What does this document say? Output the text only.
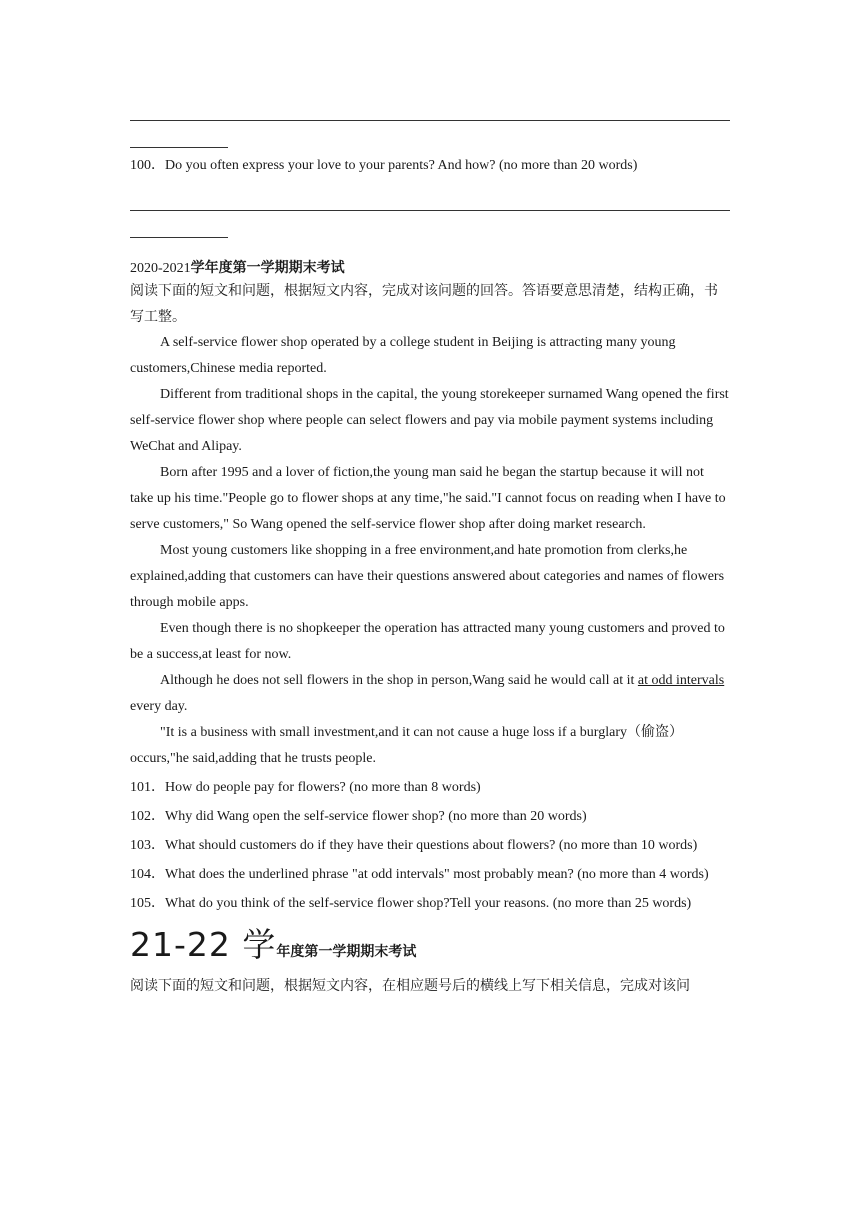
100．Do you often express your love to your parents? And how? (no more than 20 words)
2020-2021学年度第一学期期末考试
阅读下面的短文和问题，根据短文内容，完成对该问题的回答。答语要意思清楚，结构正确，书写工整。
A self-service flower shop operated by a college student in Beijing is attracting many young customers,Chinese media reported.
Different from traditional shops in the capital, the young storekeeper surnamed Wang opened the first self-service flower shop where people can select flowers and pay via mobile payment systems including WeChat and Alipay.
Born after 1995 and a lover of fiction,the young man said he began the startup because it will not take up his time."People go to flower shops at any time,"he said."I cannot focus on reading when I have to serve customers," So Wang opened the self-service flower shop after doing market research.
Most young customers like shopping in a free environment,and hate promotion from clerks,he explained,adding that customers can have their questions answered about categories and names of flowers through mobile apps.
Even though there is no shopkeeper the operation has attracted many young customers and proved to be a success,at least for now.
Although he does not sell flowers in the shop in person,Wang said he would call at it at odd intervals every day.
"It is a business with small investment,and it can not cause a huge loss if a burglary（偷盗）occurs,"he said,adding that he trusts people.
101．How do people pay for flowers? (no more than 8 words)
102．Why did Wang open the self-service flower shop? (no more than 20 words)
103．What should customers do if they have their questions about flowers? (no more than 10 words)
104．What does the underlined phrase "at odd intervals" most probably mean? (no more than 4 words)
105．What do you think of the self-service flower shop?Tell your reasons. (no more than 25 words)
21-22 学年度第一学期期末考试
阅读下面的短文和问题，根据短文内容，在相应题号后的横线上写下相关信息，完成对该问
